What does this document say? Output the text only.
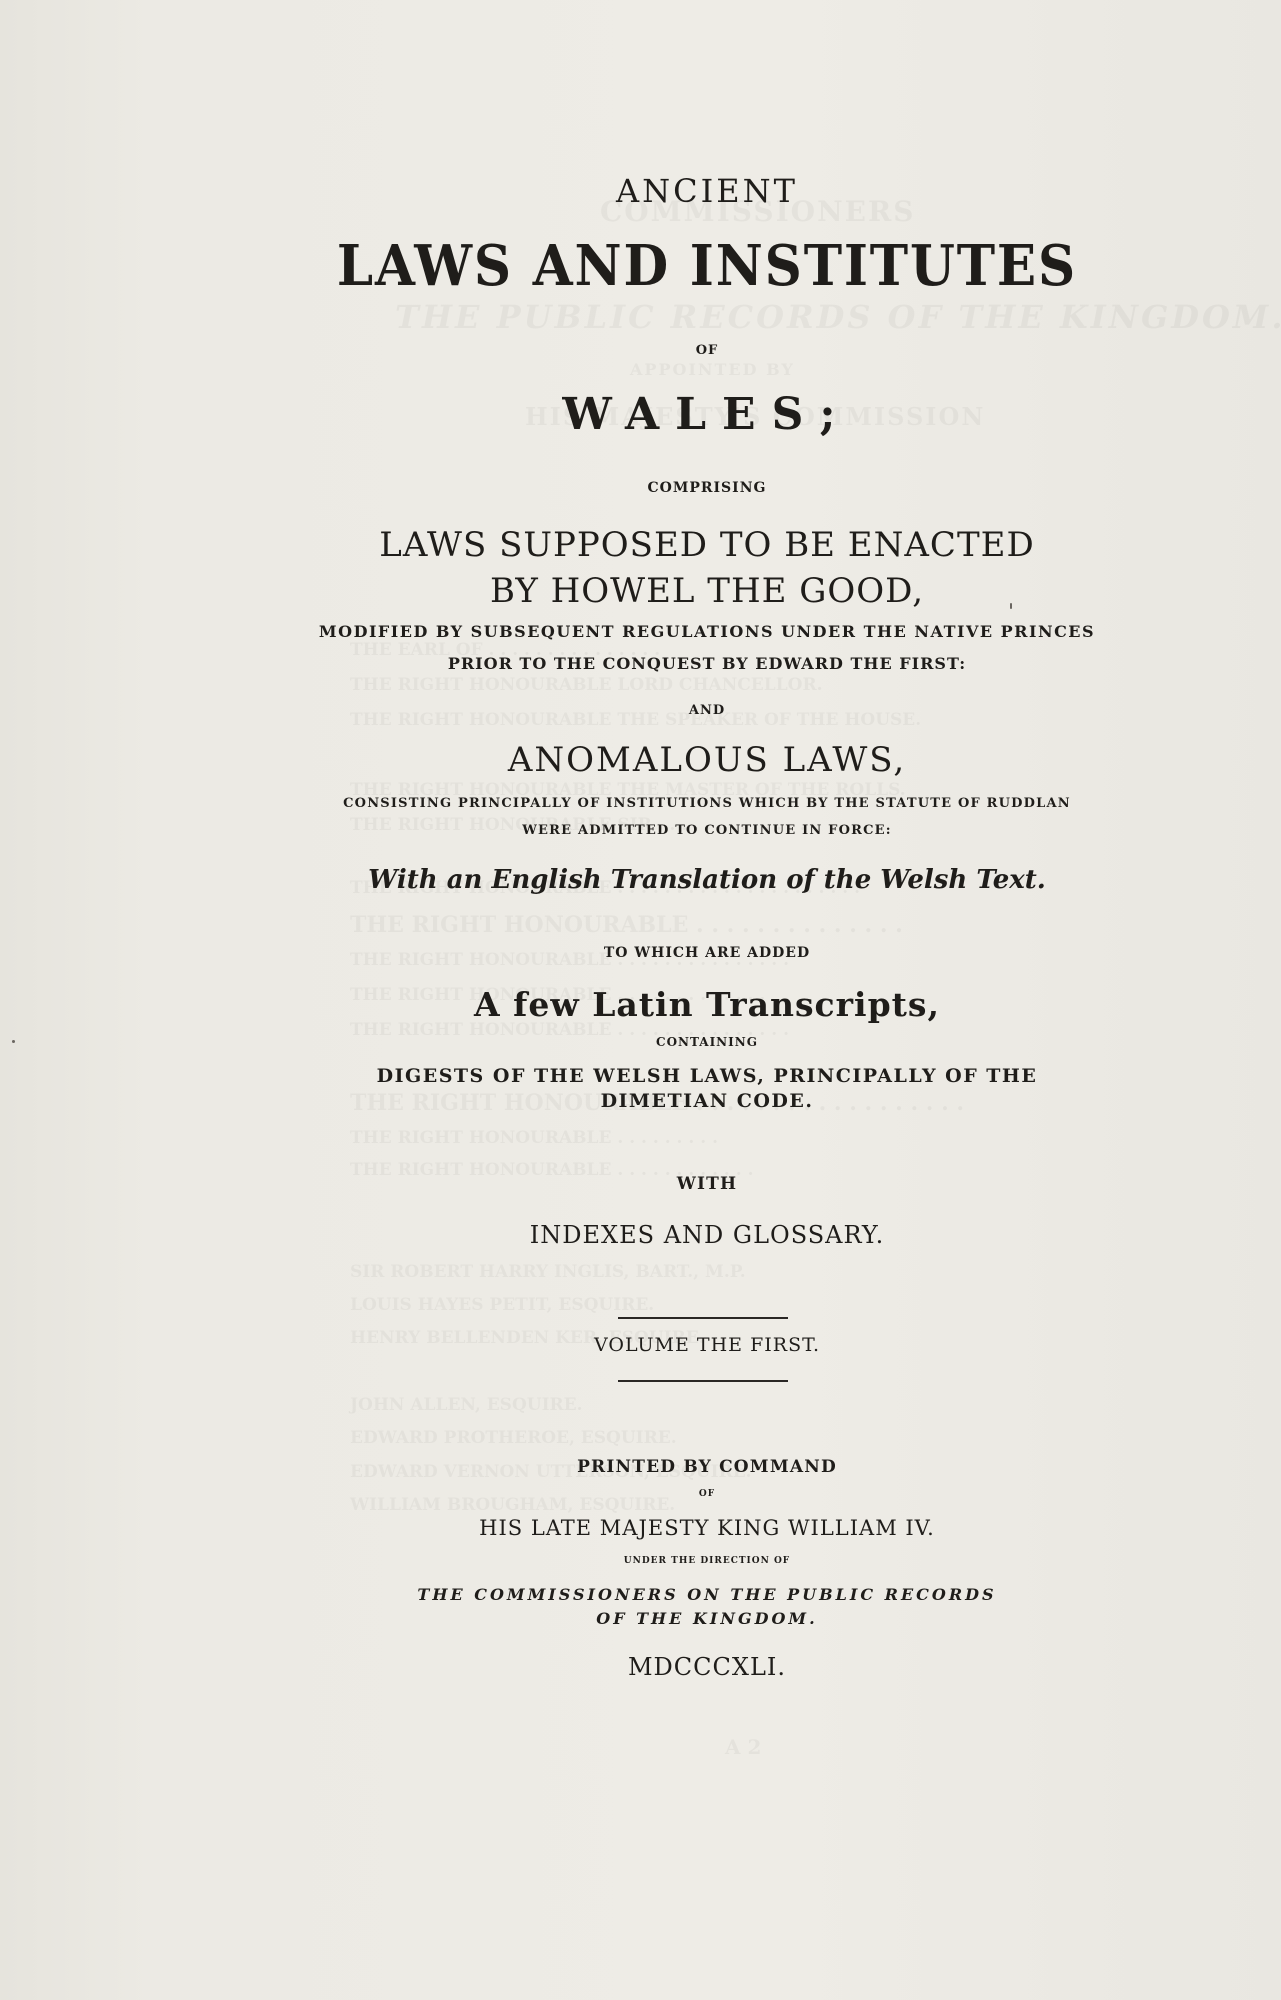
ANCIENT
LAWS AND INSTITUTES
OF
WALES;
COMPRISING
LAWS SUPPOSED TO BE ENACTED
BY HOWEL THE GOOD,
MODIFIED BY SUBSEQUENT REGULATIONS UNDER THE NATIVE PRINCES
PRIOR TO THE CONQUEST BY EDWARD THE FIRST:
AND
ANOMALOUS LAWS,
CONSISTING PRINCIPALLY OF INSTITUTIONS WHICH BY THE STATUTE OF RUDDLAN
WERE ADMITTED TO CONTINUE IN FORCE:
With an English Translation of the Welsh Text.
TO WHICH ARE ADDED
A few Latin Transcripts,
CONTAINING
DIGESTS OF THE WELSH LAWS, PRINCIPALLY OF THE
DIMETIAN CODE.
WITH
INDEXES AND GLOSSARY.
VOLUME THE FIRST.
PRINTED BY COMMAND
OF
HIS LATE MAJESTY KING WILLIAM IV.
UNDER THE DIRECTION OF
THE COMMISSIONERS ON THE PUBLIC RECORDS
OF THE KINGDOM.
MDCCCXLI.
